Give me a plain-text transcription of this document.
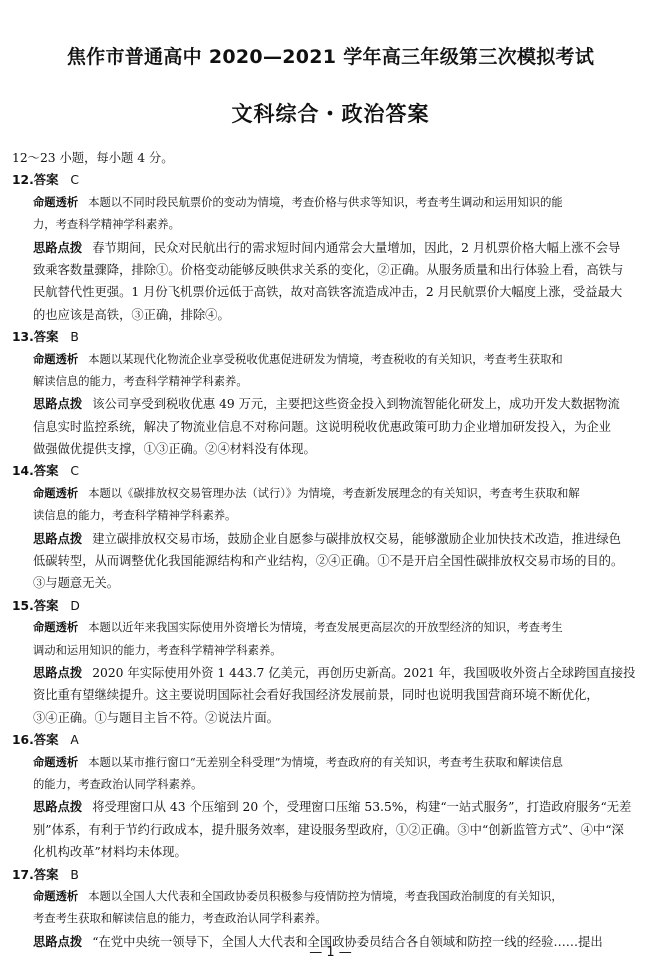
焦作市普通高中 2020—2021 学年高三年级第三次模拟考试
文科综合・政治答案
12～23 小题，每小题 4 分。
12.答案 C
命题透析 本题以不同时段民航票价的变动为情境，考查价格与供求等知识，考查考生调动和运用知识的能
力，考查科学精神学科素养。
思路点拨 春节期间，民众对民航出行的需求短时间内通常会大量增加，因此，2 月机票价格大幅上涨不会导
致乘客数量骤降，排除①。价格变动能够反映供求关系的变化，②正确。从服务质量和出行体验上看，高铁与
民航替代性更强。1 月份飞机票价远低于高铁，故对高铁客流造成冲击，2 月民航票价大幅度上涨，受益最大
的也应该是高铁，③正确，排除④。
13.答案 B
命题透析 本题以某现代化物流企业享受税收优惠促进研发为情境，考查税收的有关知识，考查考生获取和
解读信息的能力，考查科学精神学科素养。
思路点拨 该公司享受到税收优惠 49 万元，主要把这些资金投入到物流智能化研发上，成功开发大数据物流
信息实时监控系统，解决了物流业信息不对称问题。这说明税收优惠政策可助力企业增加研发投入，为企业
做强做优提供支撑，①③正确。②④材料没有体现。
14.答案 C
命题透析 本题以《碳排放权交易管理办法（试行）》为情境，考查新发展理念的有关知识，考查考生获取和解
读信息的能力，考查科学精神学科素养。
思路点拨 建立碳排放权交易市场，鼓励企业自愿参与碳排放权交易，能够激励企业加快技术改造，推进绿色
低碳转型，从而调整优化我国能源结构和产业结构，②④正确。①不是开启全国性碳排放权交易市场的目的。
③与题意无关。
15.答案 D
命题透析 本题以近年来我国实际使用外资增长为情境，考查发展更高层次的开放型经济的知识，考查考生
调动和运用知识的能力，考查科学精神学科素养。
思路点拨 2020 年实际使用外资 1 443.7 亿美元，再创历史新高。2021 年，我国吸收外资占全球跨国直接投
资比重有望继续提升。这主要说明国际社会看好我国经济发展前景，同时也说明我国营商环境不断优化，
③④正确。①与题目主旨不符。②说法片面。
16.答案 A
命题透析 本题以某市推行窗口“无差别全科受理”为情境，考查政府的有关知识，考查考生获取和解读信息
的能力，考查政治认同学科素养。
思路点拨 将受理窗口从 43 个压缩到 20 个，受理窗口压缩 53.5%，构建“一站式服务”，打造政府服务“无差
别”体系，有利于节约行政成本，提升服务效率，建设服务型政府，①②正确。③中“创新监管方式”、④中“深
化机构改革”材料均未体现。
17.答案 B
命题透析 本题以全国人大代表和全国政协委员积极参与疫情防控为情境，考查我国政治制度的有关知识，
考查考生获取和解读信息的能力，考查政治认同学科素养。
思路点拨 “在党中央统一领导下，全国人大代表和全国政协委员结合各自领域和防控一线的经验……提出
— 1 —
